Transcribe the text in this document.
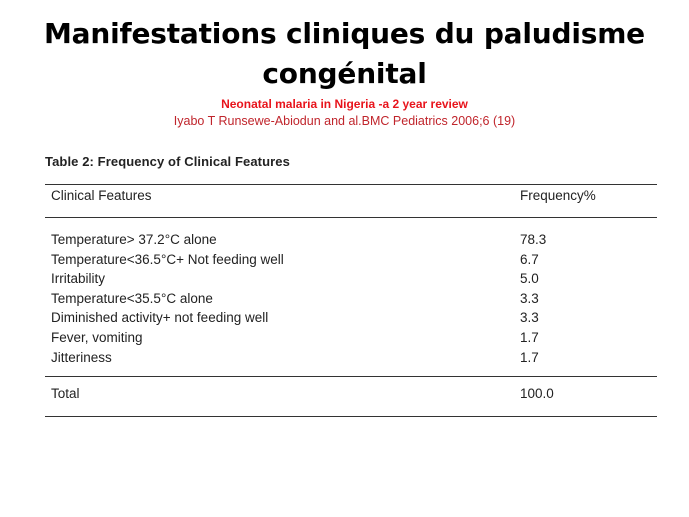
Manifestations cliniques du paludisme
congénital
Neonatal malaria in Nigeria -a 2 year review
Iyabo T Runsewe-Abiodun and al.BMC Pediatrics 2006;6 (19)
Table 2: Frequency of Clinical Features
Clinical Features	Frequency%
Temperature> 37.2°C alone	78.3
Temperature<36.5°C+ Not feeding well	6.7
Irritability	5.0
Temperature<35.5°C alone	3.3
Diminished activity+ not feeding well	3.3
Fever, vomiting	1.7
Jitteriness	1.7
Total	100.0
